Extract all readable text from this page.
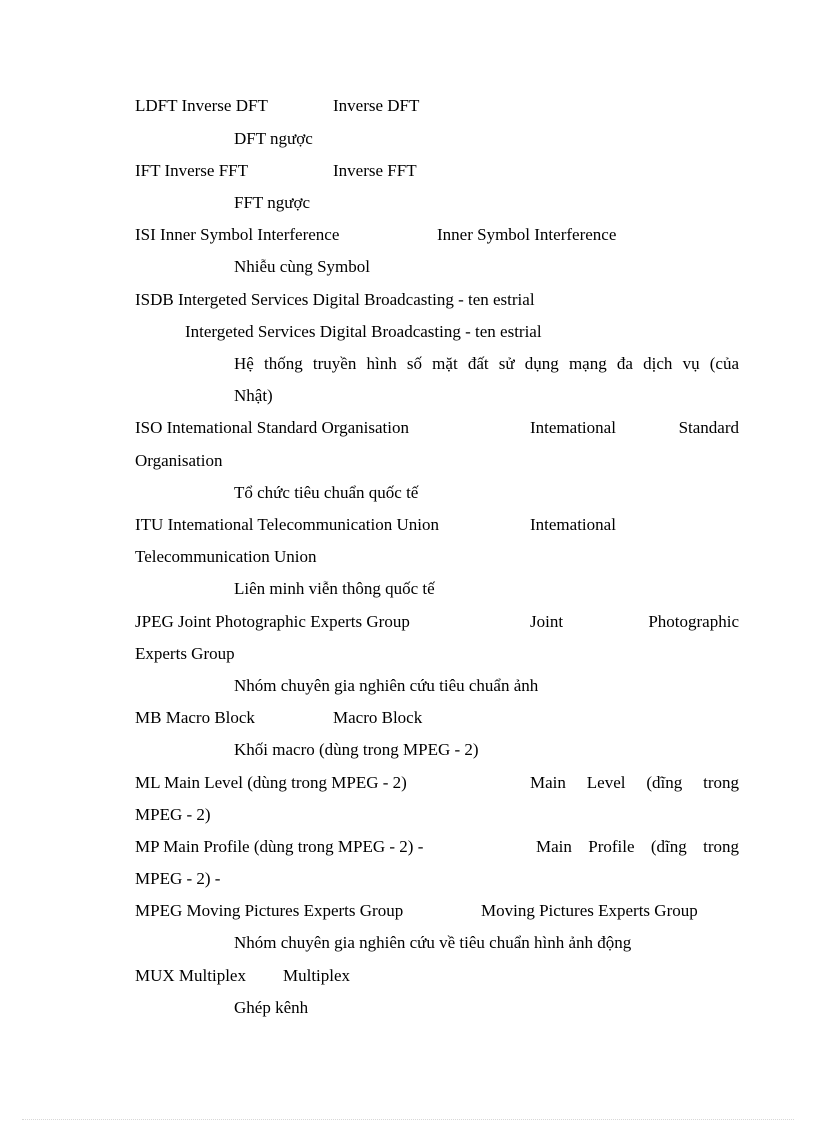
LDFT Inverse DFT	Inverse DFT
DFT ngược
IFT Inverse FFT	Inverse FFT
FFT ngược
ISI Inner Symbol Interference	Inner Symbol Interference
Nhiễu cùng Symbol
ISDB Intergeted Services Digital Broadcasting - ten estrial
Intergeted Services Digital Broadcasting - ten estrial
Hệ thống truyền hình số mặt đất sử dụng mạng đa dịch vụ (của
Nhật)
ISO Intemational Standard Organisation	Intemational	Standard
Organisation
Tổ chức tiêu chuẩn quốc tế
ITU Intemational Telecommunication Union	Intemational
Telecommunication Union
Liên minh viễn thông quốc tế
JPEG Joint Photographic Experts Group	Joint	Photographic
Experts Group
Nhóm chuyên gia nghiên cứu tiêu chuẩn ảnh
MB Macro Block	Macro Block
Khối macro (dùng trong MPEG - 2)
ML Main Level (dùng trong MPEG - 2)	Main Level (dĩng trong
MPEG - 2)
MP Main Profile (dùng trong MPEG - 2) -	Main Profile (dĩng trong
MPEG - 2) -
MPEG Moving Pictures Experts Group	Moving Pictures Experts Group
Nhóm chuyên gia nghiên cứu về tiêu chuẩn hình ảnh động
MUX Multiplex Multiplex
Ghép kênh
